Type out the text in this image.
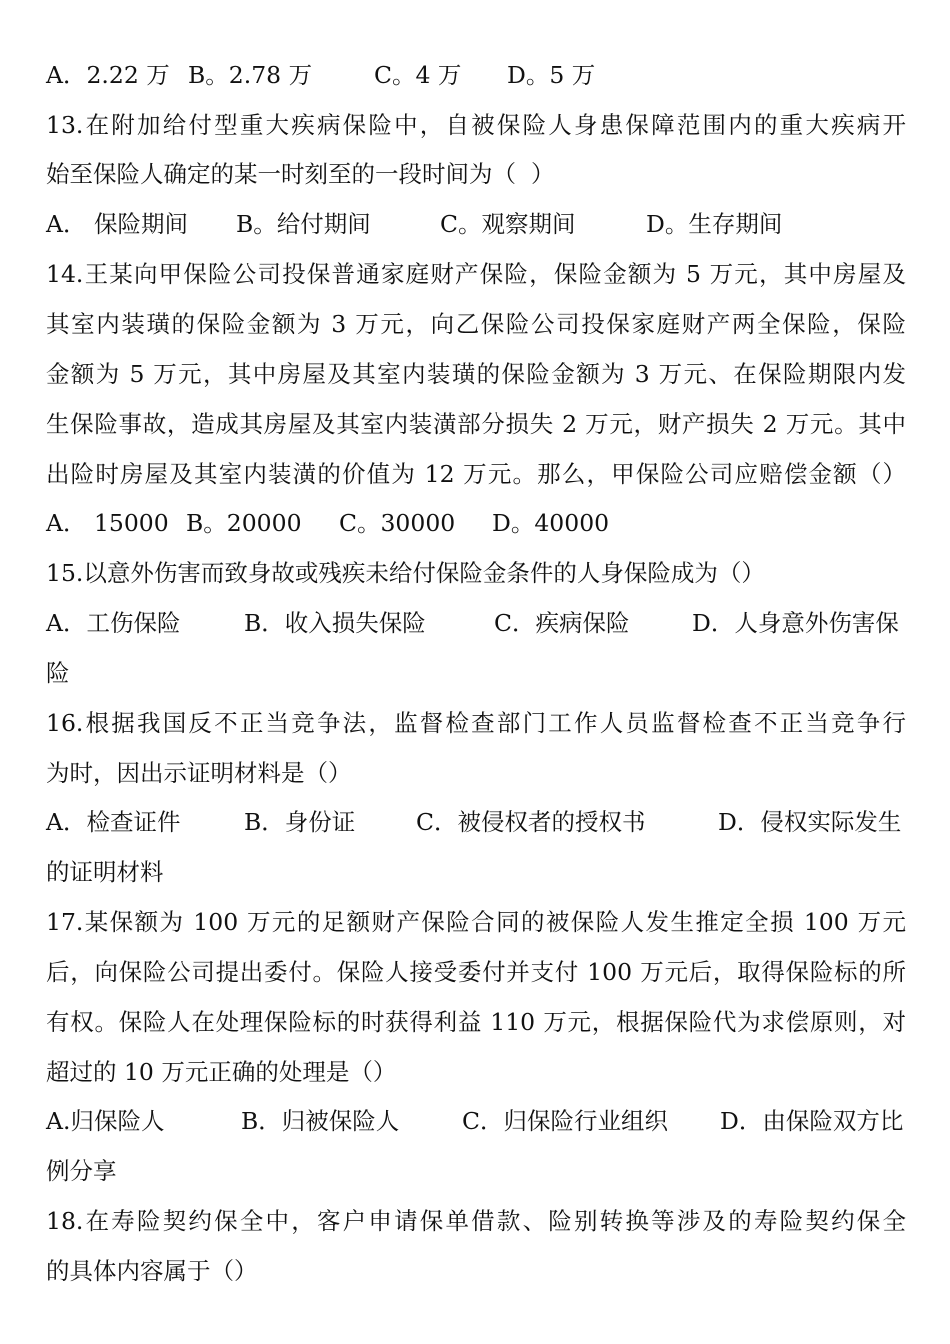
A．2.22 万 B。2.78 万	C。4 万 D。5 万
13.在附加给付型重大疾病保险中，自被保险人身患保障范围内的重大疾病开
始至保险人确定的某一时刻至的一段时间为（  ）
A． 保险期间 B。给付期间	C。观察期间	D。生存期间
14.王某向甲保险公司投保普通家庭财产保险，保险金额为 5 万元，其中房屋及
其室内装璜的保险金额为 3 万元，向乙保险公司投保家庭财产两全保险，保险
金额为 5 万元，其中房屋及其室内装璜的保险金额为 3 万元、在保险期限内发
生保险事故，造成其房屋及其室内装潢部分损失 2 万元，财产损失 2 万元。其中
出险时房屋及其室内装潢的价值为 12 万元。那么，甲保险公司应赔偿金额（）
A． 15000 B。20000 C。30000 D。40000
15.以意外伤害而致身故或残疾未给付保险金条件的人身保险成为（）
A．工伤保险	B．收入损失保险	C．疾病保险	D．人身意外伤害保
险
16.根据我国反不正当竞争法，监督检查部门工作人员监督检查不正当竞争行
为时，因出示证明材料是（）
A．检查证件	B．身份证	C．被侵权者的授权书	D．侵权实际发生
的证明材料
17.某保额为 100 万元的足额财产保险合同的被保险人发生推定全损 100 万元
后，向保险公司提出委付。保险人接受委付并支付 100 万元后，取得保险标的所
有权。保险人在处理保险标的时获得利益 110 万元，根据保险代为求偿原则，对
超过的 10 万元正确的处理是（）
A.归保险人	B．归被保险人	C．归保险行业组织 D．由保险双方比
例分享
18.在寿险契约保全中，客户申请保单借款、险别转换等涉及的寿险契约保全
的具体内容属于（）
